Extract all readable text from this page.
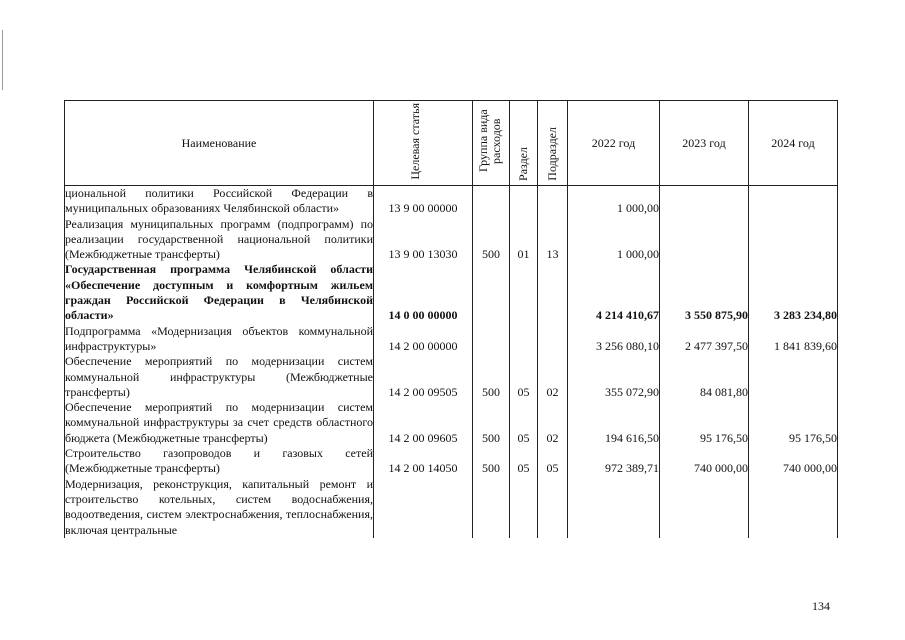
Наименование	Целевая статья	Группа вида расходов	Раздел	Подраздел	2022 год	2023 год	2024 год
циональной политики Российской Федерации в муниципальных образованиях Челябинской области»	13 9 00 00000				1 000,00		
Реализация муниципальных программ (подпрограмм) по реализации государственной национальной политики (Межбюджетные трансферты)	13 9 00 13030	500	01	13	1 000,00		
Государственная программа Челябинской области «Обеспечение доступным и комфортным жильем граждан Российской Федерации в Челябинской области»	14 0 00 00000				4 214 410,67	3 550 875,90	3 283 234,80
Подпрограмма «Модернизация объектов коммунальной инфраструктуры»	14 2 00 00000				3 256 080,10	2 477 397,50	1 841 839,60
Обеспечение мероприятий по модернизации систем коммунальной инфраструктуры (Межбюджетные трансферты)	14 2 00 09505	500	05	02	355 072,90	84 081,80	
Обеспечение мероприятий по модернизации систем коммунальной инфраструктуры за счет средств областного бюджета (Межбюджетные трансферты)	14 2 00 09605	500	05	02	194 616,50	95 176,50	95 176,50
Строительство газопроводов и газовых сетей (Межбюджетные трансферты)	14 2 00 14050	500	05	05	972 389,71	740 000,00	740 000,00
Модернизация, реконструкция, капитальный ремонт и строительство котельных, систем водоснабжения, водоотведения, систем электроснабжения, теплоснабжения, включая центральные							
134
